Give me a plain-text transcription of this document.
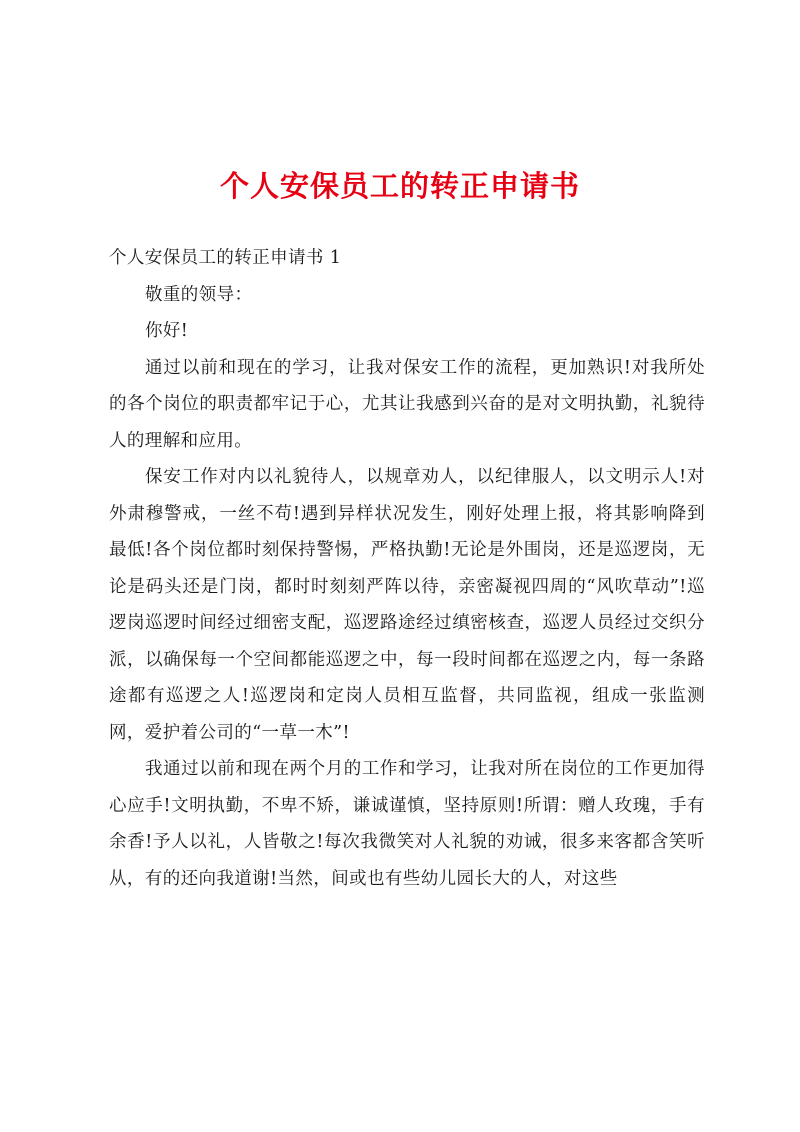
个人安保员工的转正申请书

个人安保员工的转正申请书 1

敬重的领导：

你好!

通过以前和现在的学习，让我对保安工作的流程，更加熟识!对我所处的各个岗位的职责都牢记于心，尤其让我感到兴奋的是对文明执勤，礼貌待人的理解和应用。

保安工作对内以礼貌待人，以规章劝人，以纪律服人，以文明示人!对外肃穆警戒，一丝不苟!遇到异样状况发生，刚好处理上报，将其影响降到最低!各个岗位都时刻保持警惕，严格执勤!无论是外围岗，还是巡逻岗，无论是码头还是门岗，都时时刻刻严阵以待，亲密凝视四周的“风吹草动”!巡逻岗巡逻时间经过细密支配，巡逻路途经过缜密核查，巡逻人员经过交织分派，以确保每一个空间都能巡逻之中，每一段时间都在巡逻之内，每一条路途都有巡逻之人!巡逻岗和定岗人员相互监督，共同监视，组成一张监测网，爱护着公司的“一草一木”!

我通过以前和现在两个月的工作和学习，让我对所在岗位的工作更加得心应手!文明执勤，不卑不矫，谦诚谨慎，坚持原则!所谓：赠人玫瑰，手有余香!予人以礼，人皆敬之!每次我微笑对人礼貌的劝诫，很多来客都含笑听从，有的还向我道谢!当然，间或也有些幼儿园长大的人，对这些
